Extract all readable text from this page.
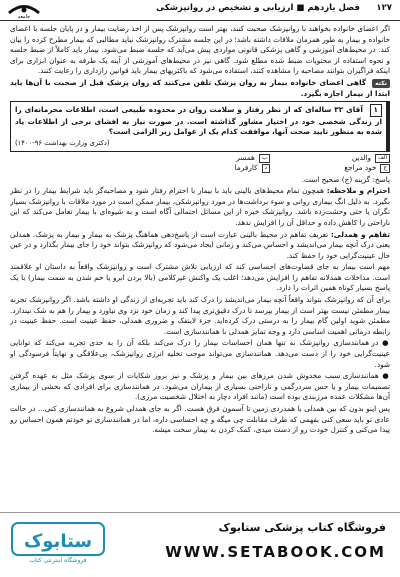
۱۲۷
فصل یازدهم ■ ارزیابی و تشخیص در روانپزشکی
جامعه

اگر اعضای خانواده بخواهند با روانپزشک صحبت کنند، بهتر است روانپزشک پس از اخذ رضایت بیمار و در پایان جلسه با اعضای خانواده و بیمار به طور همزمان ملاقات داشته باشد؛ در این جلسه مشترک روانپزشک نباید مطالبی که بیمار مطرح کرده را بیان کند. در محیط‌های آموزشی و گاهی پزشکی قانونی مواردی پیش می‌آید که جلسه ضبط می‌شود. بیمار باید کاملاً از ضبط جلسه و نحوه استفاده از محتویات ضبط شده مطلع شود. گاهی نیز در محیط‌های آموزشی از آینه یک طرفه به عنوان ابزاری برای اینکه فراگیران بتوانند مصاحبه را مشاهده کنند، استفاده می‌شود که باکتریهای بیمار باید قوانین رازداری را رعایت کنند.

نکته گاهی اعضای خانواده بیمار به روان پزشک تلفن می‌کنند که روان پزشک قبل از صحبت با آن‌ها باید ابتدا از بیمار اجازه بگیرد.

۱ آقای ۳۲ ساله‌ای که از نظر رفتار و سلامت روان در محدوده طبیعی است، اطلاعات محرمانه‌ای را از زندگی شخصی خود در اختیار مشاور گذاشته است. در صورت نیاز به افشای برخی از اطلاعات یاد شده به منظور تایید صحت آنها، موافقت کدام یک از عوامل زیر الزامی است؟
(دکتری وزارت بهداشت ۹۶-۱۴۰۰)
الف
والدین
ب
همسر
ج
خود مراجع
د
کارفرما

پاسخ: گزینه (ج) صحیح است.

احترام و ملاحظه: همچون تمام محیط‌های بالینی باید با بیمار با احترام رفتار شود و مصاحبه‌گر باید شرایط بیمار را در نظر بگیرد. به دلیل انگ بیماری روانی و سوء برداشت‌ها در مورد روانپزشکی، بیمار ممکن است در مورد ملاقات با روانپزشک بسیار نگران یا حتی وحشت‌زده باشد. روانپزشک خبره از این مسائل احتمالی آگاه است و به شیوه‌ای با بیمار تعامل می‌کند که این ناراحتی را کاهش داده و حداقل آن را افزایش ندهد.

تفاهم و همدلی: تعریف تفاهم در محیط بالینی عبارت است از پاسخ‌دهی هماهنگ پزشک به بیمار و بیمار به پزشک. همدلی یعنی درک آنچه بیمار می‌اندیشد و احساس می‌کند و زمانی ایجاد می‌شود که روانپزشک بتواند خود را جای بیمار بگذارد و در عین حال عینیت‌گرایی خود را حفظ کند.

مهم است بیمار به جای قضاوت‌های احساسی کند که ارزیابی تلاش مشترک است و روانپزشک واقعاً به داستان او علاقمند است. مداخلات همدلانه تفاهم را افزایش می‌دهد؛ اغلب یک واکنش غیرکلامی (بالا بردن ابرو یا خم شدن به سمت بیمار) با یک پاسخ بسیار کوتاه همین اثرات را دارد.

برای آن که روانپزشک بتواند واقعاً آنچه بیمار می‌اندیشد را درک کند باید تجربه‌ای از زندگی او داشته باشد. اگر روانپزشک تجربه بیمار مطمئن نیست بهتر است از بیمار بپرسد تا درک دقیق‌تری پیدا کند و زمان خود نزد وی نیاورد و بیمار را هم به شک نیندازد. مطمئن شوید اولین گام بیمار را به درستی درک کرده‌اید. جزء لاینفک و ضروری همدلی، حفظ عینیت است. حفظ عینیت در رابطه درمانی اهمیت اساسی دارد و وجه تمایز همدلی با همانندسازی است.

● در همانندسازی روانپزشک نه تنها همان احساسات بیمار را درک می‌کند بلکه آن را به حدی تجربه می‌کند که توانایی عینیت‌گرایی خود را از دست می‌دهد. همانندسازی می‌تواند موجب تخلیه انرژی روانپزشک، بی‌علاقگی و نهایتاً فرسودگی او شود.

● همانندسازی سبب مخدوش شدن مرزهای بین بیمار و پزشک و نیز بروز شکایات از سوی پزشک مثل به عهده گرفتن تصمیمات بیمار و یا حس سردرگمی و ناراحتی بسیاری از بیماران می‌شود. در همانندسازی برای افرادی که بخشی از بیماری آن‌ها مشکلات عمده مرزبندی بوده است (مانند افراد دچار به اختلال شخصیت مرزی).

پس اینو بدون که بین همدلی با همدردی زمین تا آسمون فرق هست. اگر به جای همدلی شروع به همانندسازی کنی... در حالت عادی تو باید سعی کنی بفهمی که طرف مقابلت چی میگه و چه احساسی داره، اما در همانندسازی تو خودتم همون احساس رو پیدا می‌کنی و کنترل خودت رو از دست میدی، کمک کردن به بیمار سخت میشه.

فروشگاه کتاب پزشکی ستابوک
WWW.SETABOOK.COM
ستابوک
فروشگاه اینترنتی کتاب
